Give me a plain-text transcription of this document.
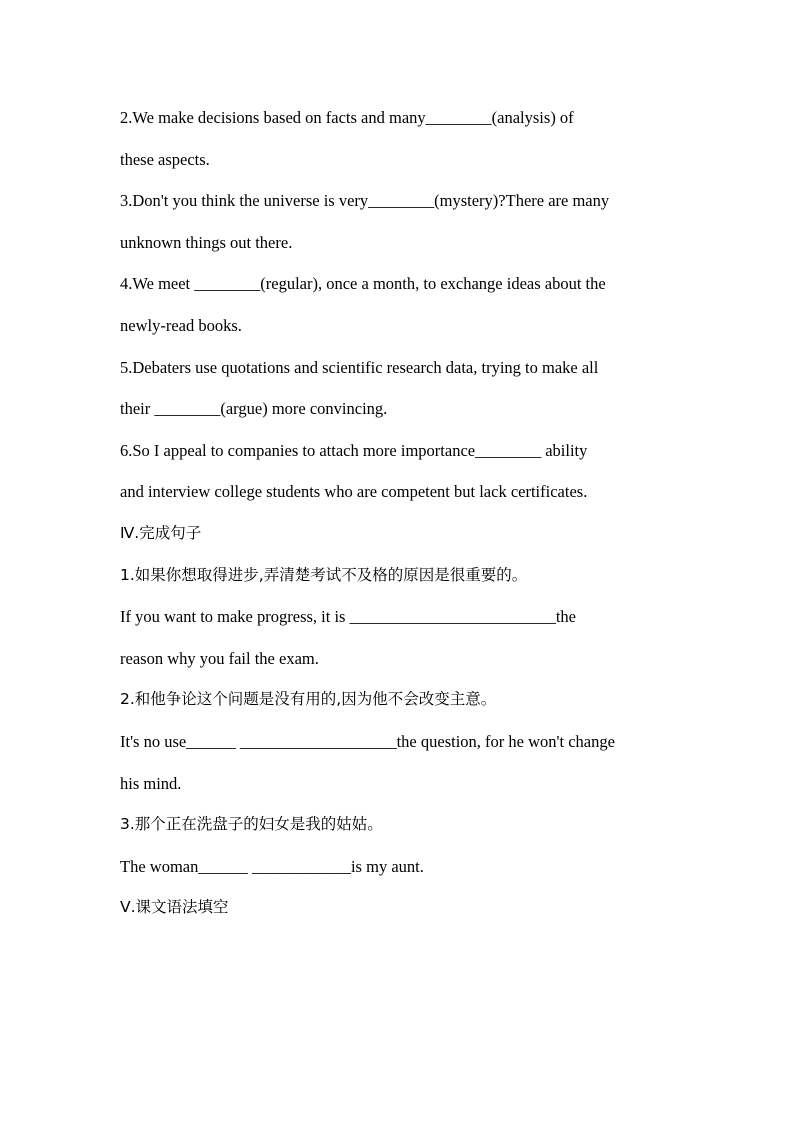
2.We make decisions based on facts and many________(analysis) of
these aspects.
3.Don't you think the universe is very________(mystery)?There are many
unknown things out there.
4.We meet ________(regular), once a month, to exchange ideas about the
newly-read books.
5.Debaters use quotations and scientific research data, trying to make all
their ________(argue) more convincing.
6.So I appeal to companies to attach more importance________ ability
and interview college students who are competent but lack certificates.
Ⅳ.完成句子
1.如果你想取得进步,弄清楚考试不及格的原因是很重要的。
If you want to make progress, it is _________________________the
reason why you fail the exam.
2.和他争论这个问题是没有用的,因为他不会改变主意。
It's no use______ ___________________the question, for he won't change
his mind.
3.那个正在洗盘子的妇女是我的姑姑。
The woman______ ____________is my aunt.
Ⅴ.课文语法填空
